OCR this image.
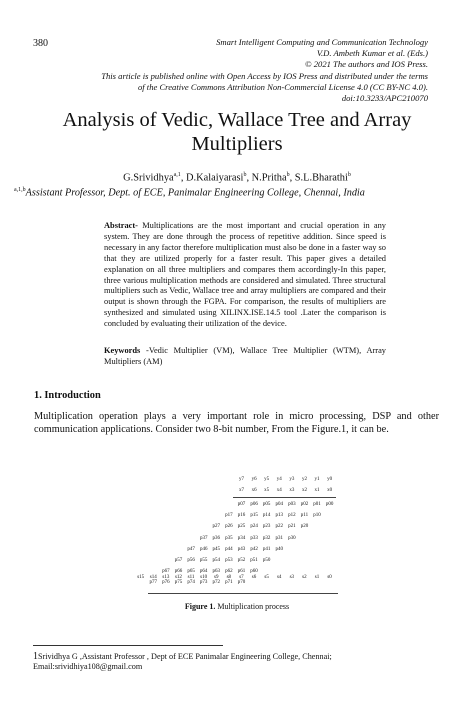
380	Smart Intelligent Computing and Communication Technology
V.D. Ambeth Kumar et al. (Eds.)
© 2021 The authors and IOS Press.
This article is published online with Open Access by IOS Press and distributed under the terms
of the Creative Commons Attribution Non-Commercial License 4.0 (CC BY-NC 4.0).
doi:10.3233/APC210070
Analysis of Vedic, Wallace Tree and Array
Multipliers
G.Srividhya$^{a,1}$, D.Kalaiyarasi$^b$, N.Pritha$^b$, S.L.Bharathi$^b$
$^{a,1,b}$Assistant Professor, Dept. of ECE, Panimalar Engineering College, Chennai, India
Abstract- Multiplications are the most important and crucial operation in any system. They are done through the process of repetitive addition. Since speed is necessary in any factor therefore multiplication must also be done in a faster way so that they are utilized properly for a faster result. This paper gives a detailed explanation on all three multipliers and compares them accordingly-In this paper, three various multiplication methods are considered and simulated. Three structural multipliers such as Vedic, Wallace tree and array multipliers are compared and their output is shown through the FGPA. For comparison, the results of multipliers are synthesized and simulated using XILINX.ISE.14.5 tool .Later the comparison is concluded by evaluating their utilization of the device.
Keywords -Vedic Multiplier (VM), Wallace Tree Multiplier (WTM), Array Multipliers (AM)
1. Introduction
Multiplication operation plays a very important role in micro processing, DSP and other communication applications. Consider two 8-bit number, From the Figure.1, it can be.
y7	y6	y5	y4	y3	y2	y1	y0
x7	x6	x5	x4	x3	x2	x1	x0
p07	p06	p05	p04	p03	p02	p01	p00
p17	p16	p15	p14	p13	p12	p11	p10
p27	p26	p25	p24	p23	p22	p21	p20
p37	p36	p35	p34	p33	p32	p31	p30
p47	p46	p45	p44	p43	p42	p41	p40
p57	p56	p55	p54	p53	p52	p51	p50
p67	p66	p65	p64	p63	p62	p61	p60
p77	p76	p75	p74	p73	p72	p71	p70
s15	s14	s13	s12	s11	s10	s9	s8	s7	s6	s5	s4	s3	s2	s1	s0
Figure 1. Multiplication process
1Srividhya G ,Assistant Professor , Dept of ECE Panimalar Engineering College, Chennai;
Email:srividhiya108@gmail.com
